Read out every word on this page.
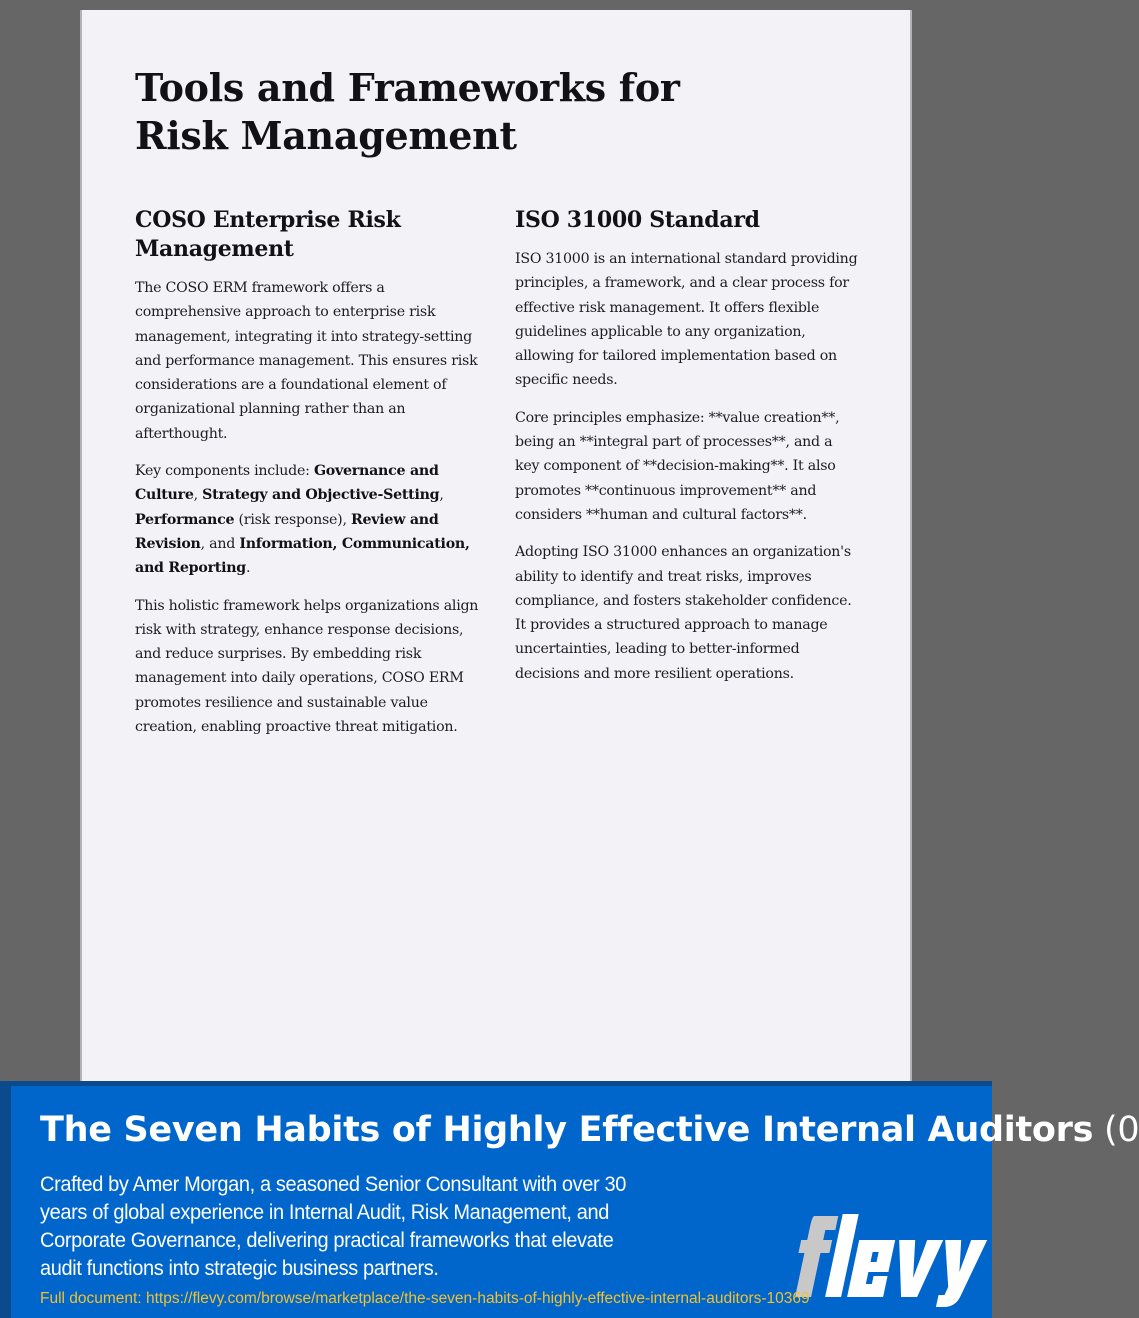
Tools and Frameworks for Risk Management
COSO Enterprise Risk Management

The COSO ERM framework offers a comprehensive approach to enterprise risk management, integrating it into strategy-setting and performance management. This ensures risk considerations are a foundational element of organizational planning rather than an afterthought.

Key components include: Governance and Culture, Strategy and Objective-Setting, Performance (risk response), Review and Revision, and Information, Communication, and Reporting.

This holistic framework helps organizations align risk with strategy, enhance response decisions, and reduce surprises. By embedding risk management into daily operations, COSO ERM promotes resilience and sustainable value creation, enabling proactive threat mitigation.

ISO 31000 Standard

ISO 31000 is an international standard providing principles, a framework, and a clear process for effective risk management. It offers flexible guidelines applicable to any organization, allowing for tailored implementation based on specific needs.

Core principles emphasize: **value creation**, being an **integral part of processes**, and a key component of **decision-making**. It also promotes **continuous improvement** and considers **human and cultural factors**.

Adopting ISO 31000 enhances an organization's ability to identify and treat risks, improves compliance, and fosters stakeholder confidence. It provides a structured approach to manage uncertainties, leading to better-informed decisions and more resilient operations.

The Seven Habits of Highly Effective Internal Auditors (0

Crafted by Amer Morgan, a seasoned Senior Consultant with over 30 years of global experience in Internal Audit, Risk Management, and Corporate Governance, delivering practical frameworks that elevate audit functions into strategic business partners.

Full document: https://flevy.com/browse/marketplace/the-seven-habits-of-highly-effective-internal-auditors-10369
